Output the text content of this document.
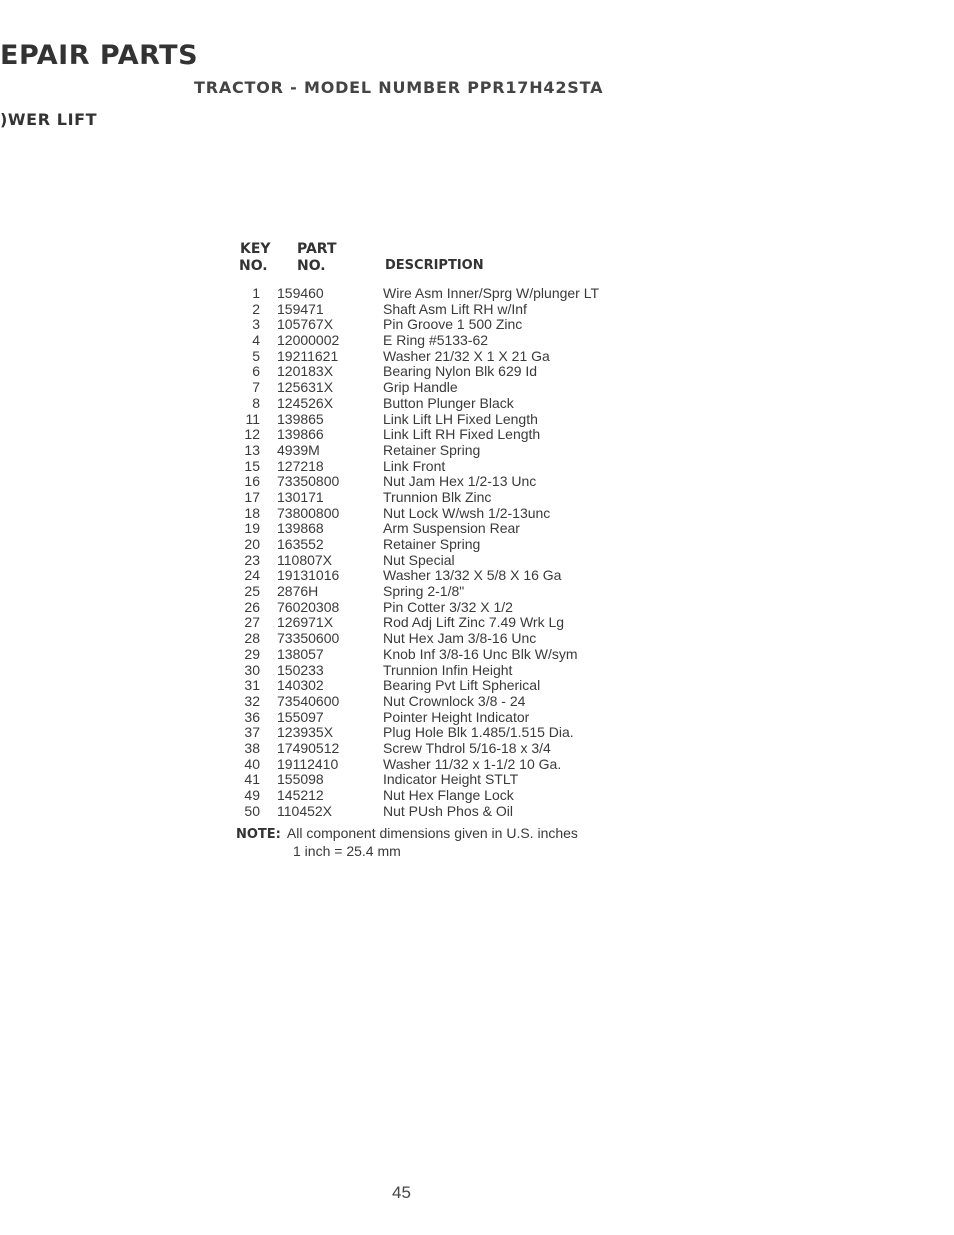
EPAIR PARTS
TRACTOR - MODEL NUMBER PPR17H42STA
)WER LIFT
KEY
NO.
PART
NO.	DESCRIPTION
1 159460	Wire Asm Inner/Sprg W/plunger LT
2 159471	Shaft Asm Lift RH w/Inf
3 105767X	Pin Groove 1 500 Zinc
4 12000002	E Ring #5133-62
5 19211621	Washer 21/32 X 1 X 21 Ga
6 120183X	Bearing Nylon Blk 629 Id
7 125631X	Grip Handle
8 124526X	Button Plunger Black
11 139865	Link Lift LH Fixed Length
12 139866	Link Lift RH Fixed Length
13 4939M	Retainer Spring
15 127218	Link Front
16 73350800	Nut Jam Hex 1/2-13 Unc
17 130171	Trunnion Blk Zinc
18 73800800	Nut Lock W/wsh 1/2-13unc
19 139868	Arm Suspension Rear
20 163552	Retainer Spring
23 110807X	Nut Special
24 19131016	Washer 13/32 X 5/8 X 16 Ga
25 2876H	Spring 2-1/8"
26 76020308	Pin Cotter 3/32 X 1/2
27 126971X	Rod Adj Lift Zinc 7.49 Wrk Lg
28 73350600	Nut Hex Jam 3/8-16 Unc
29 138057	Knob Inf 3/8-16 Unc Blk W/sym
30 150233	Trunnion Infin Height
31 140302	Bearing Pvt Lift Spherical
32 73540600	Nut Crownlock 3/8 - 24
36 155097	Pointer Height Indicator
37 123935X	Plug Hole Blk 1.485/1.515 Dia.
38 17490512	Screw Thdrol 5/16-18 x 3/4
40 19112410	Washer 11/32 x 1-1/2 10 Ga.
41 155098	Indicator Height STLT
49 145212	Nut Hex Flange Lock
50 110452X	Nut PUsh Phos & Oil
NOTE: All component dimensions given in U.S. inches
1 inch = 25.4 mm
45
